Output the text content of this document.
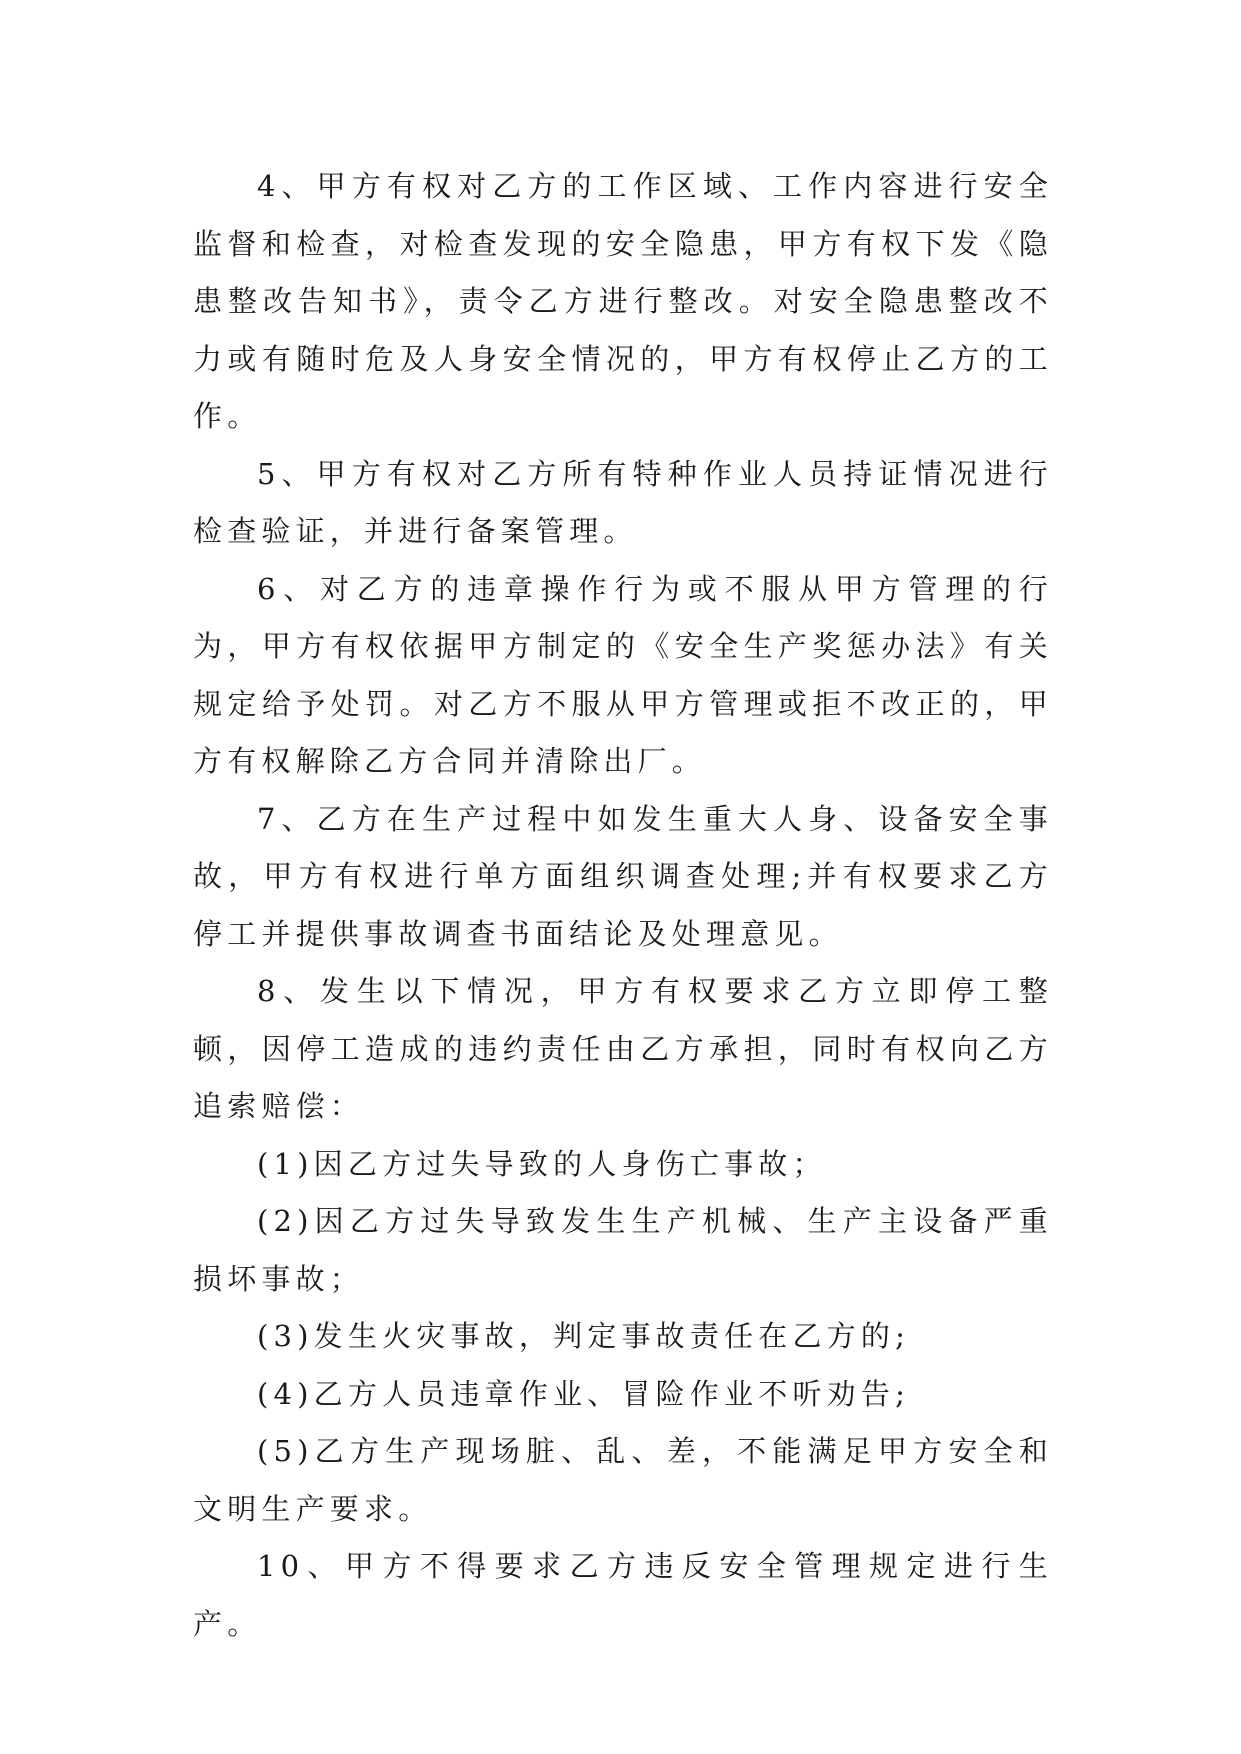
4、甲方有权对乙方的工作区域、工作内容进行安全监督和检查，对检查发现的安全隐患，甲方有权下发《隐患整改告知书》，责令乙方进行整改。对安全隐患整改不力或有随时危及人身安全情况的，甲方有权停止乙方的工作。

5、甲方有权对乙方所有特种作业人员持证情况进行检查验证，并进行备案管理。

6、对乙方的违章操作行为或不服从甲方管理的行为，甲方有权依据甲方制定的《安全生产奖惩办法》有关规定给予处罚。对乙方不服从甲方管理或拒不改正的，甲方有权解除乙方合同并清除出厂。

7、乙方在生产过程中如发生重大人身、设备安全事故，甲方有权进行单方面组织调查处理;并有权要求乙方停工并提供事故调查书面结论及处理意见。

8、发生以下情况，甲方有权要求乙方立即停工整顿，因停工造成的违约责任由乙方承担，同时有权向乙方追索赔偿：

(1)因乙方过失导致的人身伤亡事故；

(2)因乙方过失导致发生生产机械、生产主设备严重损坏事故；

(3)发生火灾事故，判定事故责任在乙方的;

(4)乙方人员违章作业、冒险作业不听劝告;

(5)乙方生产现场脏、乱、差，不能满足甲方安全和文明生产要求。

10、甲方不得要求乙方违反安全管理规定进行生产。
